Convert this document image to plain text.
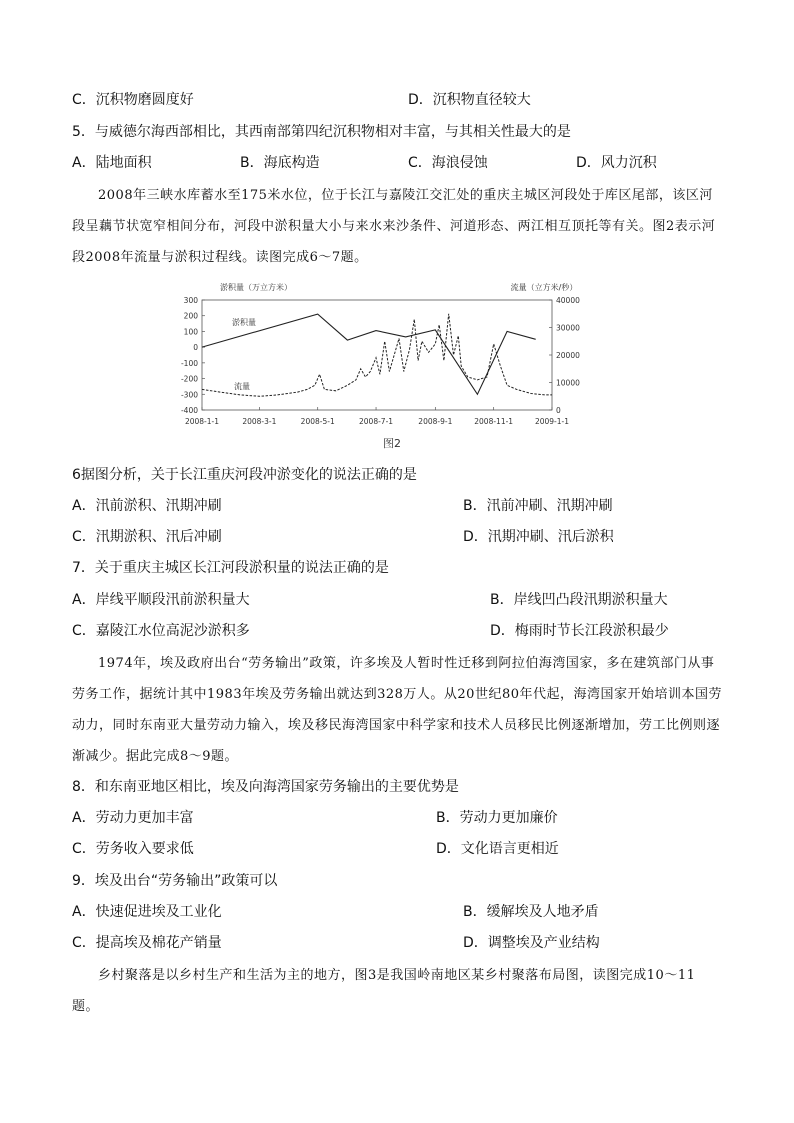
C．沉积物磨圆度好	D．沉积物直径较大
5．与威德尔海西部相比，其西南部第四纪沉积物相对丰富，与其相关性最大的是
A．陆地面积	B．海底构造	C．海浪侵蚀	D．风力沉积
2008年三峡水库蓄水至175米水位，位于长江与嘉陵江交汇处的重庆主城区河段处于库区尾部，该区河段呈藕节状宽窄相间分布，河段中淤积量大小与来水来沙条件、河道形态、两江相互顶托等有关。图2表示河段2008年流量与淤积过程线。读图完成6～7题。
300
200
100
0
-100
-200
-300
-400
40000
30000
20000
10000
0
2008-1-1	2008-3-1	2008-5-1	2008-7-1	2008-9-1	2008-11-1	2009-1-1
淤积量（万立方米）	流量（立方米/秒）
淤积量
流量
图2
6据图分析，关于长江重庆河段冲淤变化的说法正确的是
A．汛前淤积、汛期冲刷	B．汛前冲刷、汛期冲刷
C．汛期淤积、汛后冲刷	D．汛期冲刷、汛后淤积
7．关于重庆主城区长江河段淤积量的说法正确的是
A．岸线平顺段汛前淤积量大	B．岸线凹凸段汛期淤积量大
C．嘉陵江水位高泥沙淤积多	D．梅雨时节长江段淤积最少
1974年，埃及政府出台“劳务输出”政策，许多埃及人暂时性迁移到阿拉伯海湾国家，多在建筑部门从事劳务工作，据统计其中1983年埃及劳务输出就达到328万人。从20世纪80年代起，海湾国家开始培训本国劳动力，同时东南亚大量劳动力输入，埃及移民海湾国家中科学家和技术人员移民比例逐渐增加，劳工比例则逐渐减少。据此完成8～9题。
8．和东南亚地区相比，埃及向海湾国家劳务输出的主要优势是
A．劳动力更加丰富	B．劳动力更加廉价
C．劳务收入要求低	D．文化语言更相近
9．埃及出台“劳务输出”政策可以
A．快速促进埃及工业化	B．缓解埃及人地矛盾
C．提高埃及棉花产销量	D．调整埃及产业结构
乡村聚落是以乡村生产和生活为主的地方，图3是我国岭南地区某乡村聚落布局图，读图完成10～11题。
